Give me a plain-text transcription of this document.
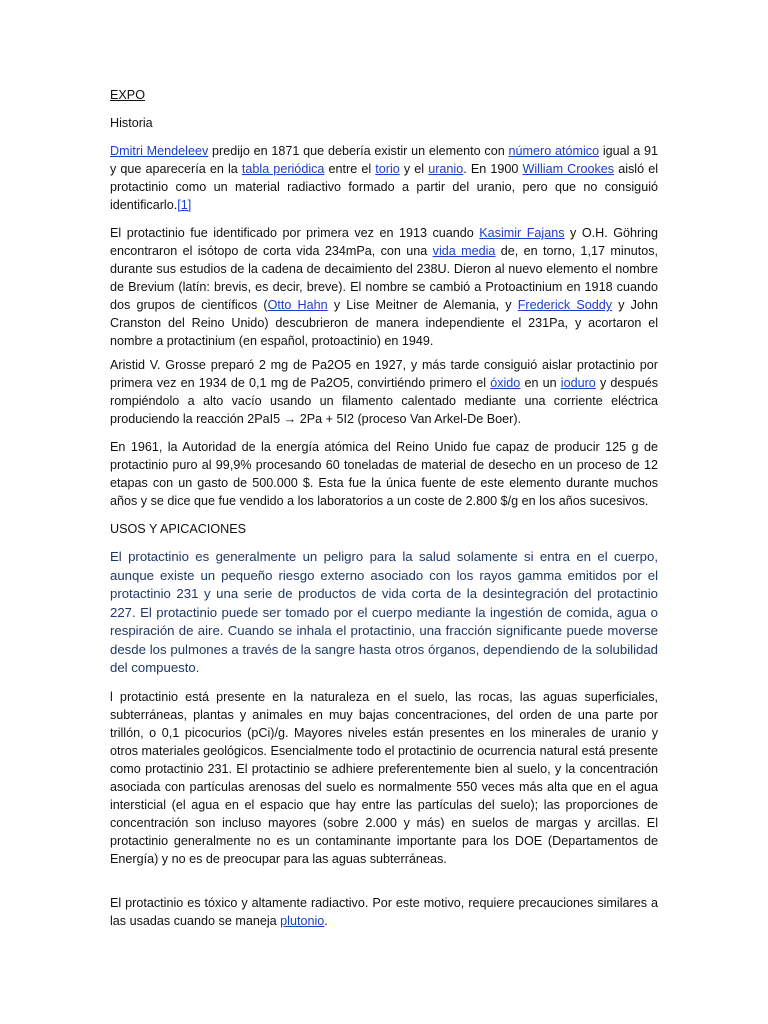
EXPO
Historia

Dmitri Mendeleev predijo en 1871 que debería existir un elemento con número atómico igual a 91 y que aparecería en la tabla periódica entre el torio y el uranio. En 1900 William Crookes aisló el protactinio como un material radiactivo formado a partir del uranio, pero que no consiguió identificarlo.[1]

El protactinio fue identificado por primera vez en 1913 cuando Kasimir Fajans y O.H. Göhring encontraron el isótopo de corta vida 234mPa, con una vida media de, en torno, 1,17 minutos, durante sus estudios de la cadena de decaimiento del 238U. Dieron al nuevo elemento el nombre de Brevium (latín: brevis, es decir, breve). El nombre se cambió a Protoactinium en 1918 cuando dos grupos de científicos (Otto Hahn y Lise Meitner de Alemania, y Frederick Soddy y John Cranston del Reino Unido) descubrieron de manera independiente el 231Pa, y acortaron el nombre a protactinium (en español, protoactinio) en 1949.

Aristid V. Grosse preparó 2 mg de Pa2O5 en 1927, y más tarde consiguió aislar protactinio por primera vez en 1934 de 0,1 mg de Pa2O5, convirtiéndo primero el óxido en un ioduro y después rompiéndolo a alto vacío usando un filamento calentado mediante una corriente eléctrica produciendo la reacción 2PaI5 → 2Pa + 5I2 (proceso Van Arkel-De Boer).

En 1961, la Autoridad de la energía atómica del Reino Unido fue capaz de producir 125 g de protactinio puro al 99,9% procesando 60 toneladas de material de desecho en un proceso de 12 etapas con un gasto de 500.000 $. Esta fue la única fuente de este elemento durante muchos años y se dice que fue vendido a los laboratorios a un coste de 2.800 $/g en los años sucesivos.

USOS Y APICACIONES

El protactinio es generalmente un peligro para la salud solamente si entra en el cuerpo, aunque existe un pequeño riesgo externo asociado con los rayos gamma emitidos por el protactinio 231 y una serie de productos de vida corta de la desintegración del protactinio 227. El protactinio puede ser tomado por el cuerpo mediante la ingestión de comida, agua o respiración de aire. Cuando se inhala el protactinio, una fracción significante puede moverse desde los pulmones a través de la sangre hasta otros órganos, dependiendo de la solubilidad del compuesto.

l protactinio está presente en la naturaleza en el suelo, las rocas, las aguas superficiales, subterráneas, plantas y animales en muy bajas concentraciones, del orden de una parte por trillón, o 0,1 picocurios (pCi)/g. Mayores niveles están presentes en los minerales de uranio y otros materiales geológicos. Esencialmente todo el protactinio de ocurrencia natural está presente como protactinio 231. El protactinio se adhiere preferentemente bien al suelo, y la concentración asociada con partículas arenosas del suelo es normalmente 550 veces más alta que en el agua intersticial (el agua en el espacio que hay entre las partículas del suelo); las proporciones de concentración son incluso mayores (sobre 2.000 y más) en suelos de margas y arcillas. El protactinio generalmente no es un contaminante importante para los DOE (Departamentos de Energía) y no es de preocupar para las aguas subterráneas.

El protactinio es tóxico y altamente radiactivo. Por este motivo, requiere precauciones similares a las usadas cuando se maneja plutonio.
